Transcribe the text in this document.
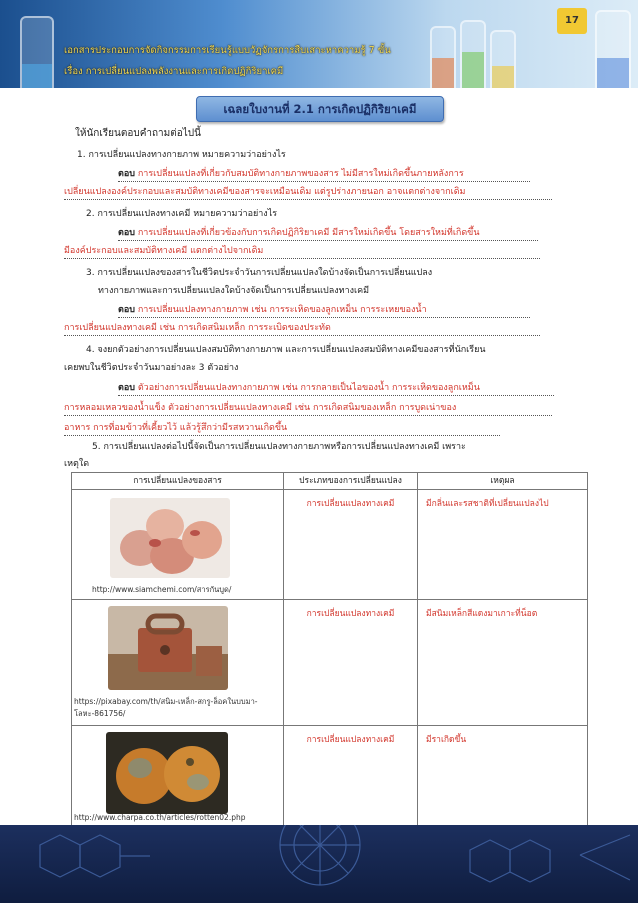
เอกสารประกอบการจัดกิจกรรมการเรียนรู้แบบวัฏจักรการสืบเสาะหาความรู้ 7 ขั้น
เรื่อง การเปลี่ยนแปลงพลังงานและการเกิดปฏิกิริยาเคมี
17
เฉลยใบงานที่ 2.1 การเกิดปฏิกิริยาเคมี
ให้นักเรียนตอบคำถามต่อไปนี้
1. การเปลี่ยนแปลงทางกายภาพ หมายความว่าอย่างไร
ตอบ การเปลี่ยนแปลงที่เกี่ยวกับสมบัติทางกายภาพของสาร ไม่มีสารใหม่เกิดขึ้นภายหลังการ
เปลี่ยนแปลงองค์ประกอบและสมบัติทางเคมีของสารจะเหมือนเดิม แต่รูปร่างภายนอก อาจแตกต่างจากเดิม
2. การเปลี่ยนแปลงทางเคมี หมายความว่าอย่างไร
ตอบ การเปลี่ยนแปลงที่เกี่ยวข้องกับการเกิดปฏิกิริยาเคมี มีสารใหม่เกิดขึ้น โดยสารใหม่ที่เกิดขึ้น
มีองค์ประกอบและสมบัติทางเคมี แตกต่างไปจากเดิม
3. การเปลี่ยนแปลงของสารในชีวิตประจำวันการเปลี่ยนแปลงใดบ้างจัดเป็นการเปลี่ยนแปลง
ทางกายภาพและการเปลี่ยนแปลงใดบ้างจัดเป็นการเปลี่ยนแปลงทางเคมี
ตอบ การเปลี่ยนแปลงทางกายภาพ เช่น การระเหิดของลูกเหม็น การระเหยของน้ำ
การเปลี่ยนแปลงทางเคมี เช่น การเกิดสนิมเหล็ก การระเบิดของประทัด
4. จงยกตัวอย่างการเปลี่ยนแปลงสมบัติทางกายภาพ และการเปลี่ยนแปลงสมบัติทางเคมีของสารที่นักเรียน
เคยพบในชีวิตประจำวันมาอย่างละ 3 ตัวอย่าง
ตอบ ตัวอย่างการเปลี่ยนแปลงทางกายภาพ เช่น การกลายเป็นไอของน้ำ การระเหิดของลูกเหม็น
การหลอมเหลวของน้ำแข็ง ตัวอย่างการเปลี่ยนแปลงทางเคมี เช่น การเกิดสนิมของเหล็ก การบูดเน่าของ
อาหาร การที่อมข้าวที่เคี้ยวไว้ แล้วรู้สึกว่ามีรสหวานเกิดขึ้น
5. การเปลี่ยนแปลงต่อไปนี้จัดเป็นการเปลี่ยนแปลงทางกายภาพหรือการเปลี่ยนแปลงทางเคมี เพราะ
เหตุใด
การเปลี่ยนแปลงของสาร	ประเภทของการเปลี่ยนแปลง	เหตุผล

http://www.siamchemi.com/สารกันบูด/	การเปลี่ยนแปลงทางเคมี	มีกลิ่นและรสชาติที่เปลี่ยนแปลงไป

https://pixabay.com/th/สนิม-เหล็ก-สกรู-ล็อคในบบมา-โลหะ-861756/	การเปลี่ยนแปลงทางเคมี	มีสนิมเหล็กสีแดงมาเกาะที่น็อต

http://www.charpa.co.th/articles/rotten02.php	การเปลี่ยนแปลงทางเคมี	มีราเกิดขึ้น
